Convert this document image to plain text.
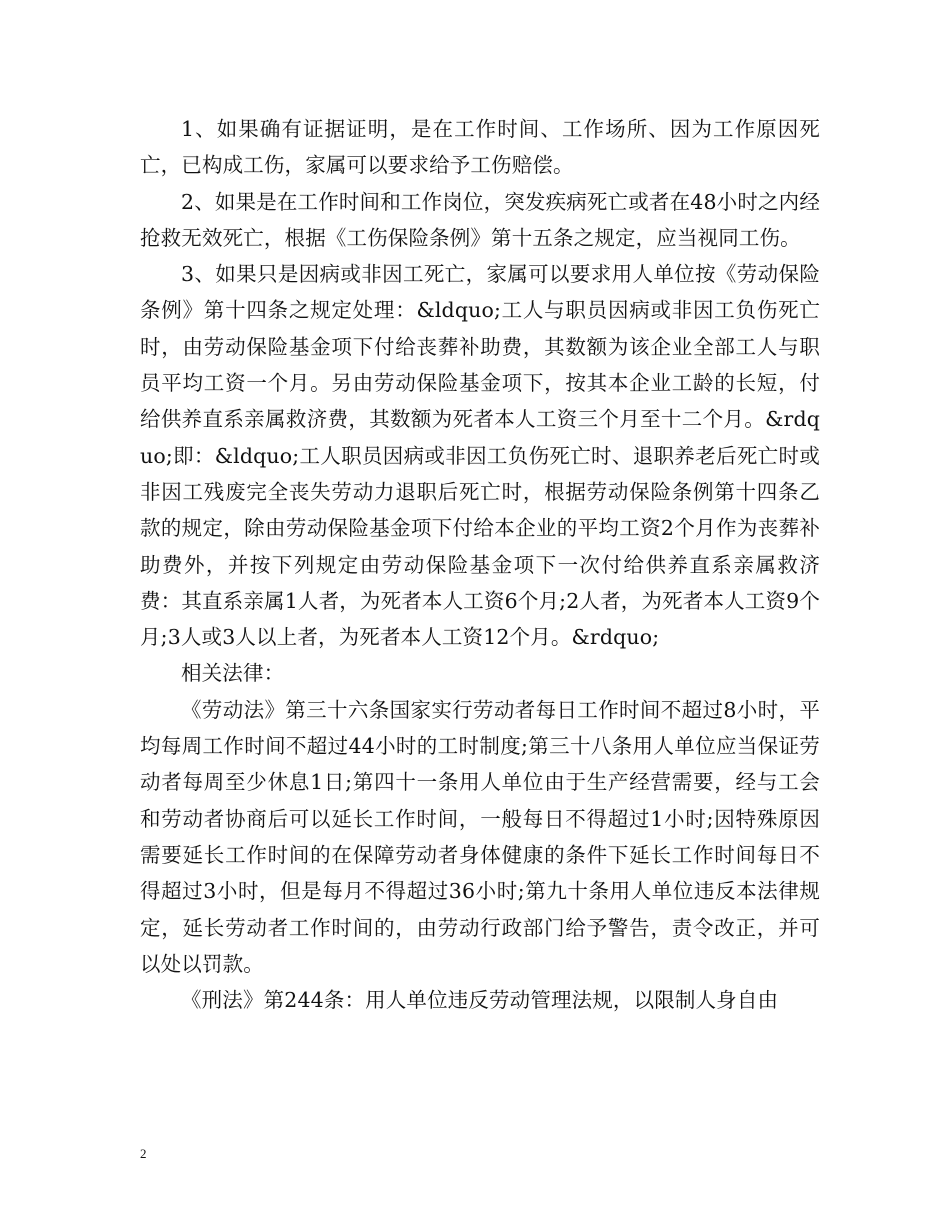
1、如果确有证据证明，是在工作时间、工作场所、因为工作原因死亡，已构成工伤，家属可以要求给予工伤赔偿。

2、如果是在工作时间和工作岗位，突发疾病死亡或者在48小时之内经抢救无效死亡，根据《工伤保险条例》第十五条之规定，应当视同工伤。

3、如果只是因病或非因工死亡，家属可以要求用人单位按《劳动保险条例》第十四条之规定处理：&ldquo;工人与职员因病或非因工负伤死亡时，由劳动保险基金项下付给丧葬补助费，其数额为该企业全部工人与职员平均工资一个月。另由劳动保险基金项下，按其本企业工龄的长短，付给供养直系亲属救济费，其数额为死者本人工资三个月至十二个月。&rdquo;即：&ldquo;工人职员因病或非因工负伤死亡时、退职养老后死亡时或非因工残废完全丧失劳动力退职后死亡时，根据劳动保险条例第十四条乙款的规定，除由劳动保险基金项下付给本企业的平均工资2个月作为丧葬补助费外，并按下列规定由劳动保险基金项下一次付给供养直系亲属救济费：其直系亲属1人者，为死者本人工资6个月;2人者，为死者本人工资9个月;3人或3人以上者，为死者本人工资12个月。&rdquo;

相关法律：

《劳动法》第三十六条国家实行劳动者每日工作时间不超过8小时，平均每周工作时间不超过44小时的工时制度;第三十八条用人单位应当保证劳动者每周至少休息1日;第四十一条用人单位由于生产经营需要，经与工会和劳动者协商后可以延长工作时间，一般每日不得超过1小时;因特殊原因需要延长工作时间的在保障劳动者身体健康的条件下延长工作时间每日不得超过3小时，但是每月不得超过36小时;第九十条用人单位违反本法律规定，延长劳动者工作时间的，由劳动行政部门给予警告，责令改正，并可以处以罚款。

《刑法》第244条：用人单位违反劳动管理法规，以限制人身自由

2
